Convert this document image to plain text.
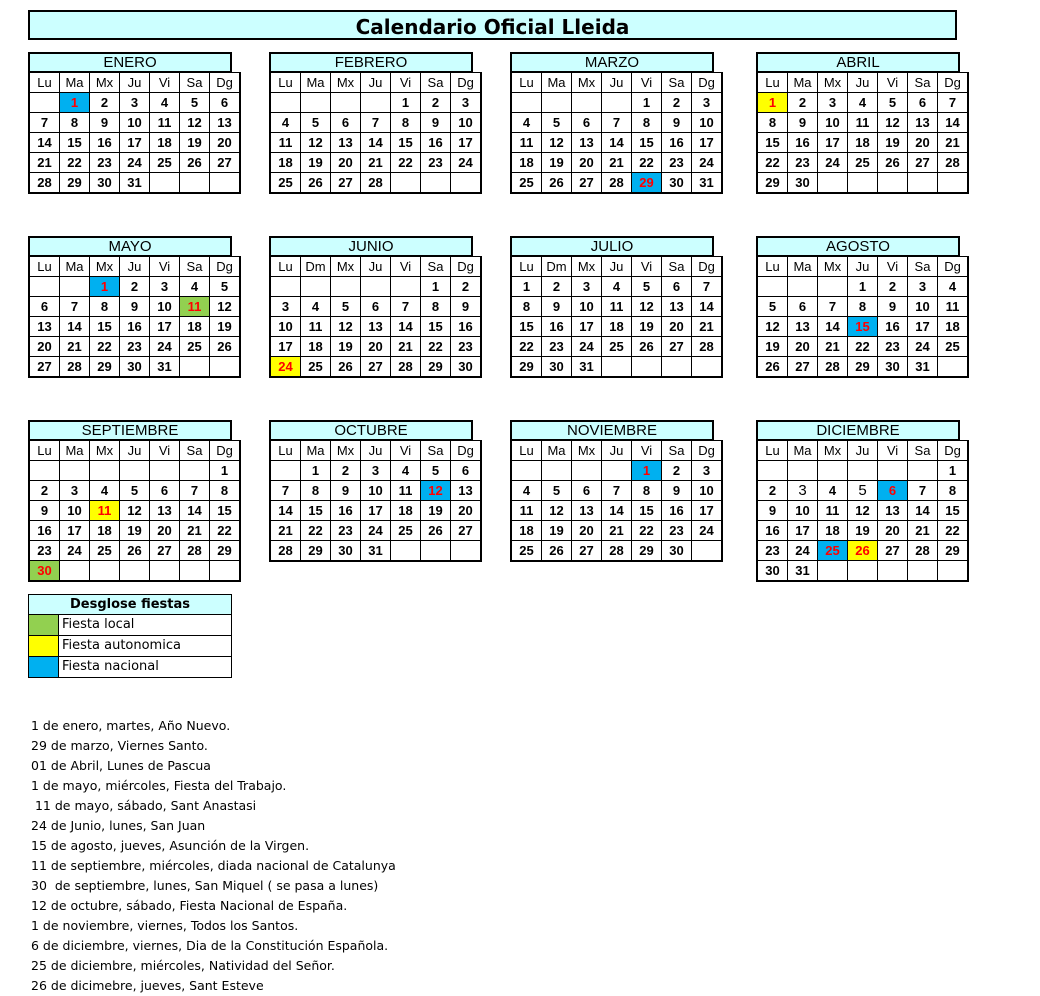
Calendario Oficial Lleida
ENERO
Lu	Ma	Mx	Ju	Vi	Sa	Dg
	1	2	3	4	5	6
7	8	9	10	11	12	13
14	15	16	17	18	19	20
21	22	23	24	25	26	27
28	29	30	31			
FEBRERO
Lu	Ma	Mx	Ju	Vi	Sa	Dg
				1	2	3
4	5	6	7	8	9	10
11	12	13	14	15	16	17
18	19	20	21	22	23	24
25	26	27	28			
MARZO
Lu	Ma	Mx	Ju	Vi	Sa	Dg
				1	2	3
4	5	6	7	8	9	10
11	12	13	14	15	16	17
18	19	20	21	22	23	24
25	26	27	28	29	30	31
ABRIL
Lu	Ma	Mx	Ju	Vi	Sa	Dg
1	2	3	4	5	6	7
8	9	10	11	12	13	14
15	16	17	18	19	20	21
22	23	24	25	26	27	28
29	30					
MAYO
Lu	Ma	Mx	Ju	Vi	Sa	Dg
		1	2	3	4	5
6	7	8	9	10	11	12
13	14	15	16	17	18	19
20	21	22	23	24	25	26
27	28	29	30	31		
JUNIO
Lu	Dm	Mx	Ju	Vi	Sa	Dg
					1	2
3	4	5	6	7	8	9
10	11	12	13	14	15	16
17	18	19	20	21	22	23
24	25	26	27	28	29	30
JULIO
Lu	Dm	Mx	Ju	Vi	Sa	Dg
1	2	3	4	5	6	7
8	9	10	11	12	13	14
15	16	17	18	19	20	21
22	23	24	25	26	27	28
29	30	31				
AGOSTO
Lu	Ma	Mx	Ju	Vi	Sa	Dg
			1	2	3	4
5	6	7	8	9	10	11
12	13	14	15	16	17	18
19	20	21	22	23	24	25
26	27	28	29	30	31	
SEPTIEMBRE
Lu	Ma	Mx	Ju	Vi	Sa	Dg
						1
2	3	4	5	6	7	8
9	10	11	12	13	14	15
16	17	18	19	20	21	22
23	24	25	26	27	28	29
30						
OCTUBRE
Lu	Ma	Mx	Ju	Vi	Sa	Dg
	1	2	3	4	5	6
7	8	9	10	11	12	13
14	15	16	17	18	19	20
21	22	23	24	25	26	27
28	29	30	31			
NOVIEMBRE
Lu	Ma	Mx	Ju	Vi	Sa	Dg
				1	2	3
4	5	6	7	8	9	10
11	12	13	14	15	16	17
18	19	20	21	22	23	24
25	26	27	28	29	30	
DICIEMBRE
Lu	Ma	Mx	Ju	Vi	Sa	Dg
						1
2	3	4	5	6	7	8
9	10	11	12	13	14	15
16	17	18	19	20	21	22
23	24	25	26	27	28	29
30	31					
Desglose fiestas
Fiesta local
Fiesta autonomica
Fiesta nacional
1 de enero, martes, Año Nuevo.
29 de marzo, Viernes Santo.
01 de Abril, Lunes de Pascua
1 de mayo, miércoles, Fiesta del Trabajo.
11 de mayo, sábado, Sant Anastasi
24 de Junio, lunes, San Juan
15 de agosto, jueves, Asunción de la Virgen.
11 de septiembre, miércoles, diada nacional de Catalunya
30  de septiembre, lunes, San Miquel ( se pasa a lunes)
12 de octubre, sábado, Fiesta Nacional de España.
1 de noviembre, viernes, Todos los Santos.
6 de diciembre, viernes, Dia de la Constitución Española.
25 de diciembre, miércoles, Natividad del Señor.
26 de dicimebre, jueves, Sant Esteve
